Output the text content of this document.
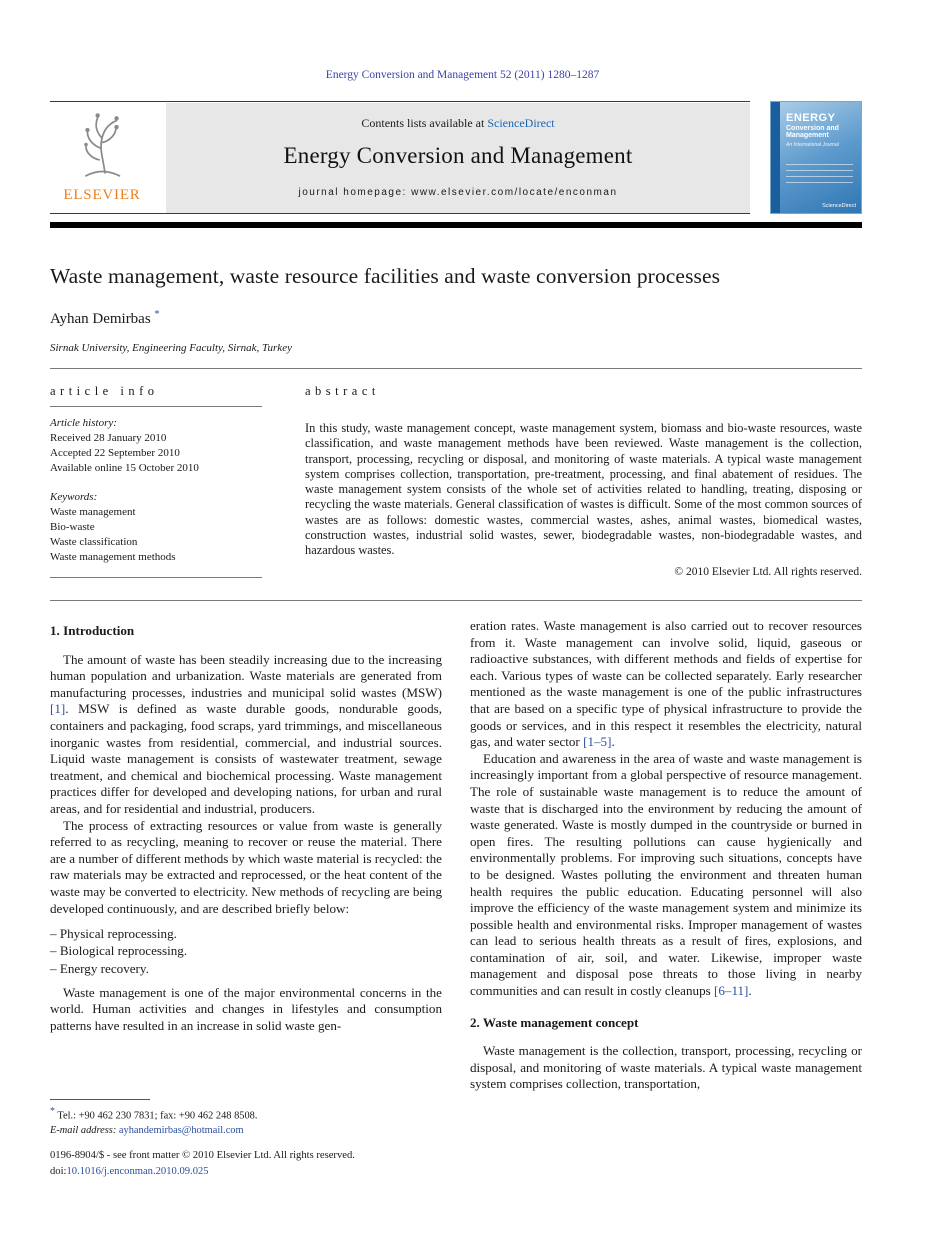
Energy Conversion and Management 52 (2011) 1280–1287
ELSEVIER
Contents lists available at ScienceDirect
Energy Conversion and Management
journal homepage: www.elsevier.com/locate/enconman
ENERGY
Conversion and
Management
An International Journal
ScienceDirect
Waste management, waste resource facilities and waste conversion processes
Ayhan Demirbas *
Sirnak University, Engineering Faculty, Sirnak, Turkey
article info
Article history:
Received 28 January 2010
Accepted 22 September 2010
Available online 15 October 2010
Keywords:
Waste management
Bio-waste
Waste classification
Waste management methods
abstract

In this study, waste management concept, waste management system, biomass and bio-waste resources, waste classification, and waste management methods have been reviewed. Waste management is the collection, transport, processing, recycling or disposal, and monitoring of waste materials. A typical waste management system comprises collection, transportation, pre-treatment, processing, and final abatement of residues. The waste management system consists of the whole set of activities related to handling, treating, disposing or recycling the waste materials. General classification of wastes is difficult. Some of the most common sources of wastes are as follows: domestic wastes, commercial wastes, ashes, animal wastes, biomedical wastes, construction wastes, industrial solid wastes, sewer, biodegradable wastes, non-biodegradable wastes, and hazardous wastes.

© 2010 Elsevier Ltd. All rights reserved.
1. Introduction

The amount of waste has been steadily increasing due to the increasing human population and urbanization. Waste materials are generated from manufacturing processes, industries and municipal solid wastes (MSW) [1]. MSW is defined as waste durable goods, nondurable goods, containers and packaging, food scraps, yard trimmings, and miscellaneous inorganic wastes from residential, commercial, and industrial sources. Liquid waste management is consists of wastewater treatment, sewage treatment, and chemical and biochemical processing. Waste management practices differ for developed and developing nations, for urban and rural areas, and for residential and industrial, producers.

The process of extracting resources or value from waste is generally referred to as recycling, meaning to recover or reuse the material. There are a number of different methods by which waste material is recycled: the raw materials may be extracted and reprocessed, or the heat content of the waste may be converted to electricity. New methods of recycling are being developed continuously, and are described briefly below:

– Physical reprocessing.
– Biological reprocessing.
– Energy recovery.

Waste management is one of the major environmental concerns in the world. Human activities and changes in lifestyles and consumption patterns have resulted in an increase in solid waste gen-

* Tel.: +90 462 230 7831; fax: +90 462 248 8508.
E-mail address: ayhandemirbas@hotmail.com

eration rates. Waste management is also carried out to recover resources from it. Waste management can involve solid, liquid, gaseous or radioactive substances, with different methods and fields of expertise for each. Various types of waste can be collected separately. Early researcher mentioned as the waste management is one of the public infrastructures that are based on a specific type of physical infrastructure to provide the goods or services, and in this respect it resembles the electricity, natural gas, and water sector [1–5].

Education and awareness in the area of waste and waste management is increasingly important from a global perspective of resource management. The role of sustainable waste management is to reduce the amount of waste that is discharged into the environment by reducing the amount of waste generated. Waste is mostly dumped in the countryside or burned in open fires. The resulting pollutions can cause hygienically and environmentally problems. For improving such situations, concepts have to be designed. Wastes polluting the environment and threaten human health requires the public education. Educating personnel will also improve the efficiency of the waste management system and minimize its possible health and environmental risks. Improper management of wastes can lead to serious health threats as a result of fires, explosions, and contamination of air, soil, and water. Likewise, improper waste management and disposal pose threats to those living in nearby communities and can result in costly cleanups [6–11].

2. Waste management concept

Waste management is the collection, transport, processing, recycling or disposal, and monitoring of waste materials. A typical waste management system comprises collection, transportation,

0196-8904/$ - see front matter © 2010 Elsevier Ltd. All rights reserved.
doi:10.1016/j.enconman.2010.09.025
